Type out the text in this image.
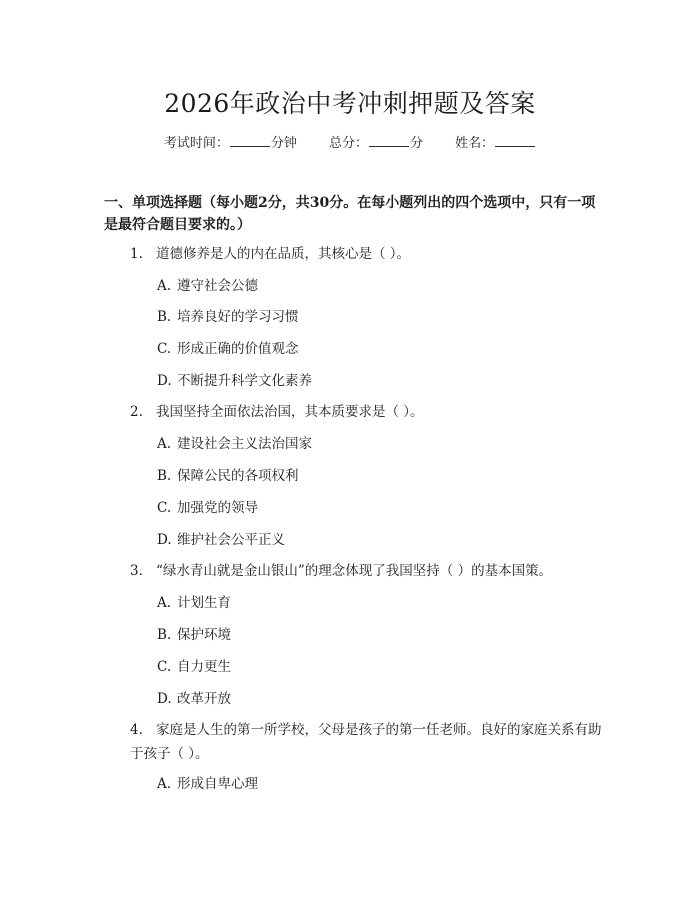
2026年政治中考冲刺押题及答案
考试时间：	分钟 总分：	分 姓名：

一、单项选择题（每小题2分，共30分。在每小题列出的四个选项中，只有一项是最符合题目要求的。）

1. 道德修养是人的内在品质，其核心是（ ）。
A. 遵守社会公德
B. 培养良好的学习习惯
C. 形成正确的价值观念
D. 不断提升科学文化素养
2. 我国坚持全面依法治国，其本质要求是（ ）。
A. 建设社会主义法治国家
B. 保障公民的各项权利
C. 加强党的领导
D. 维护社会公平正义
3. “绿水青山就是金山银山”的理念体现了我国坚持（ ）的基本国策。
A. 计划生育
B. 保护环境
C. 自力更生
D. 改革开放
4. 家庭是人生的第一所学校，父母是孩子的第一任老师。良好的家庭关系有助于孩子（ ）。
A. 形成自卑心理
